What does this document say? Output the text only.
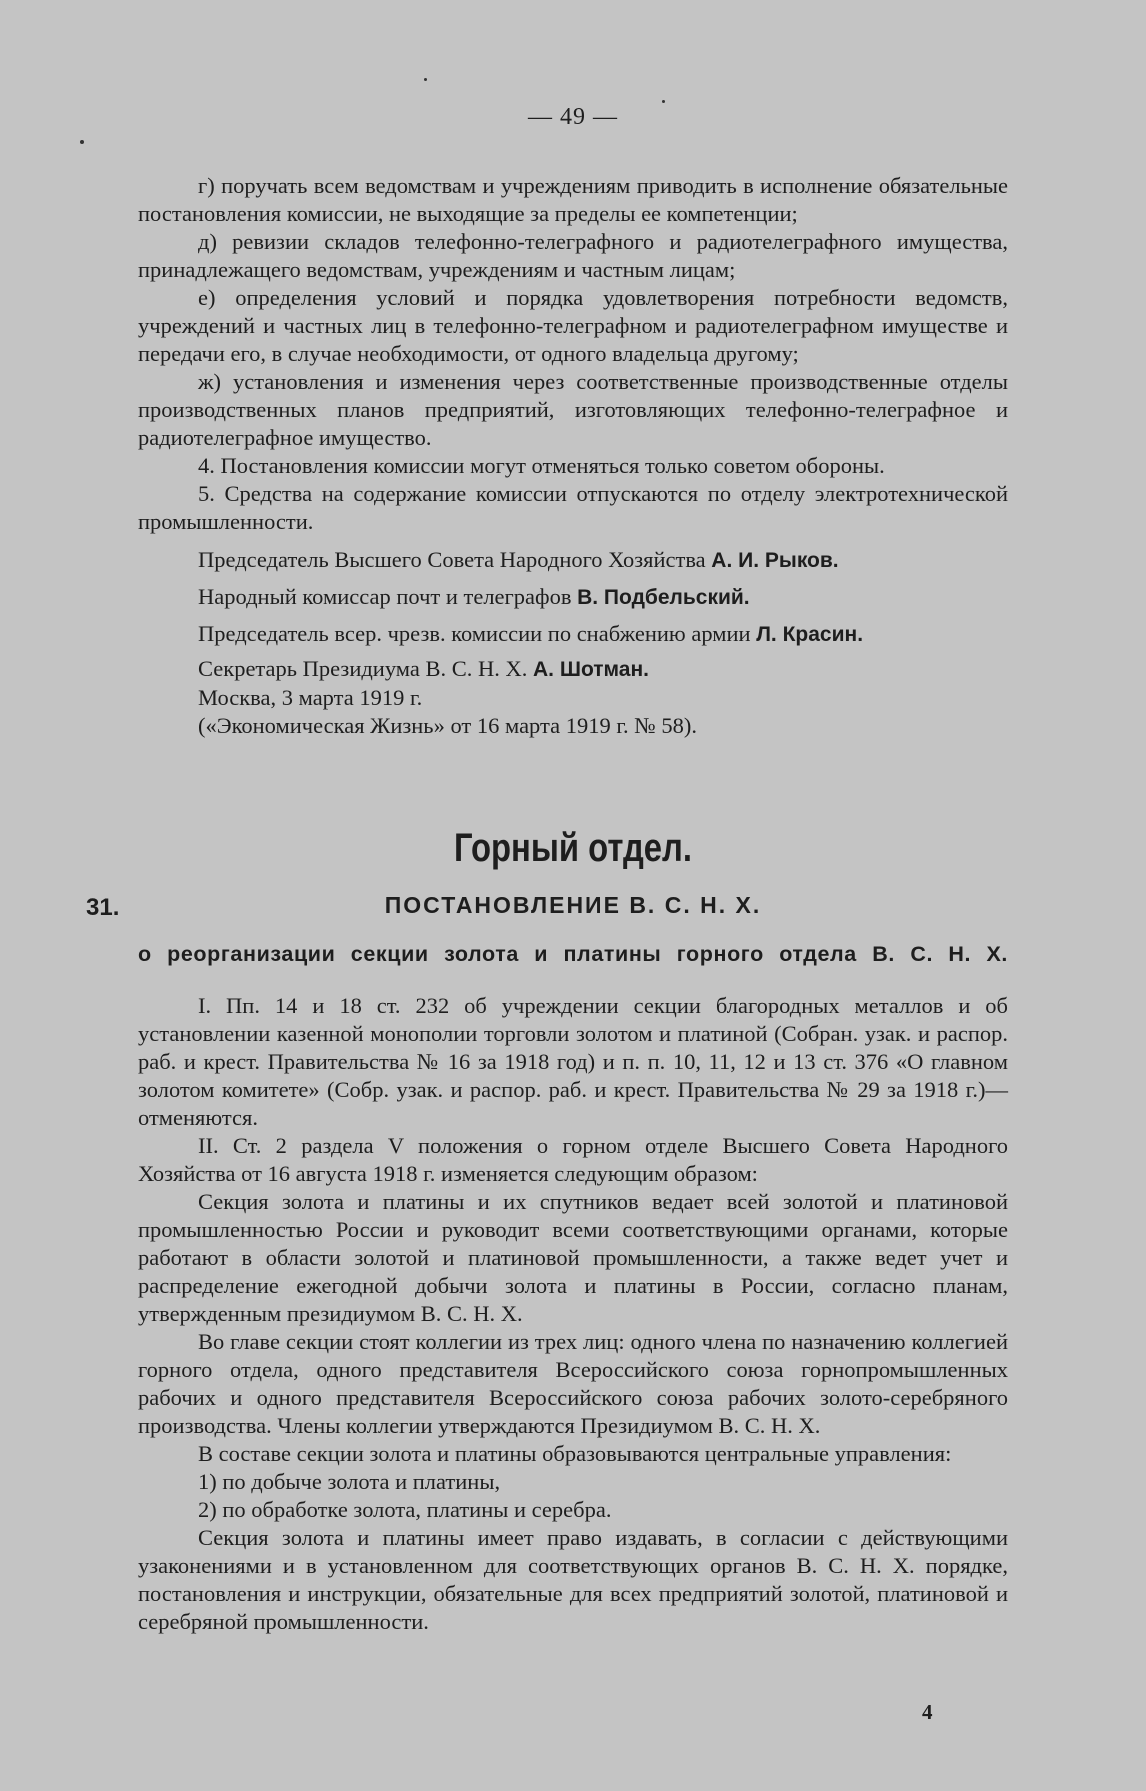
— 49 —

г) поручать всем ведомствам и учреждениям приводить в исполнение обязательные постановления комиссии, не выходящие за пределы ее компетенции;

д) ревизии складов телефонно-телеграфного и радиотелеграфного имущества, принадлежащего ведомствам, учреждениям и частным лицам;

е) определения условий и порядка удовлетворения потребности ведомств, учреждений и частных лиц в телефонно-телеграфном и радиотелеграфном имуществе и передачи его, в случае необходимости, от одного владельца другому;

ж) установления и изменения через соответственные производственные отделы производственных планов предприятий, изготовляющих телефонно-телеграфное и радиотелеграфное имущество.

4. Постановления комиссии могут отменяться только советом обороны.

5. Средства на содержание комиссии отпускаются по отделу электротехнической промышленности.

Председатель Высшего Совета Народного Хозяйства А. И. Рыков.
Народный комиссар почт и телеграфов В. Подбельский.
Председатель всер. чрезв. комиссии по снабжению армии Л. Красин.
Секретарь Президиума В. С. Н. Х. А. Шотман.
Москва, 3 марта 1919 г.
(«Экономическая Жизнь» от 16 марта 1919 г. № 58).
Горный отдел.
31.	ПОСТАНОВЛЕНИЕ В. С. Н. Х.
о реорганизации секции золота и платины горного отдела В. С. Н. Х.

I. Пп. 14 и 18 ст. 232 об учреждении секции благородных металлов и об установлении казенной монополии торговли золотом и платиной (Собран. узак. и распор. раб. и крест. Правительства № 16 за 1918 год) и п. п. 10, 11, 12 и 13 ст. 376 «О главном золотом комитете» (Собр. узак. и распор. раб. и крест. Правительства № 29 за 1918 г.)—отменяются.

II. Ст. 2 раздела V положения о горном отделе Высшего Совета Народного Хозяйства от 16 августа 1918 г. изменяется следующим образом:

Секция золота и платины и их спутников ведает всей золотой и платиновой промышленностью России и руководит всеми соответствующими органами, которые работают в области золотой и платиновой промышленности, а также ведет учет и распределение ежегодной добычи золота и платины в России, согласно планам, утвержденным президиумом В. С. Н. Х.

Во главе секции стоят коллегии из трех лиц: одного члена по назначению коллегией горного отдела, одного представителя Всероссийского союза горнопромышленных рабочих и одного представителя Всероссийского союза рабочих золото-серебряного производства. Члены коллегии утверждаются Президиумом В. С. Н. Х.

В составе секции золота и платины образовываются центральные управления:

1) по добыче золота и платины,

2) по обработке золота, платины и серебра.

Секция золота и платины имеет право издавать, в согласии с действующими узаконениями и в установленном для соответствующих органов В. С. Н. Х. порядке, постановления и инструкции, обязательные для всех предприятий золотой, платиновой и серебряной промышленности.

4
